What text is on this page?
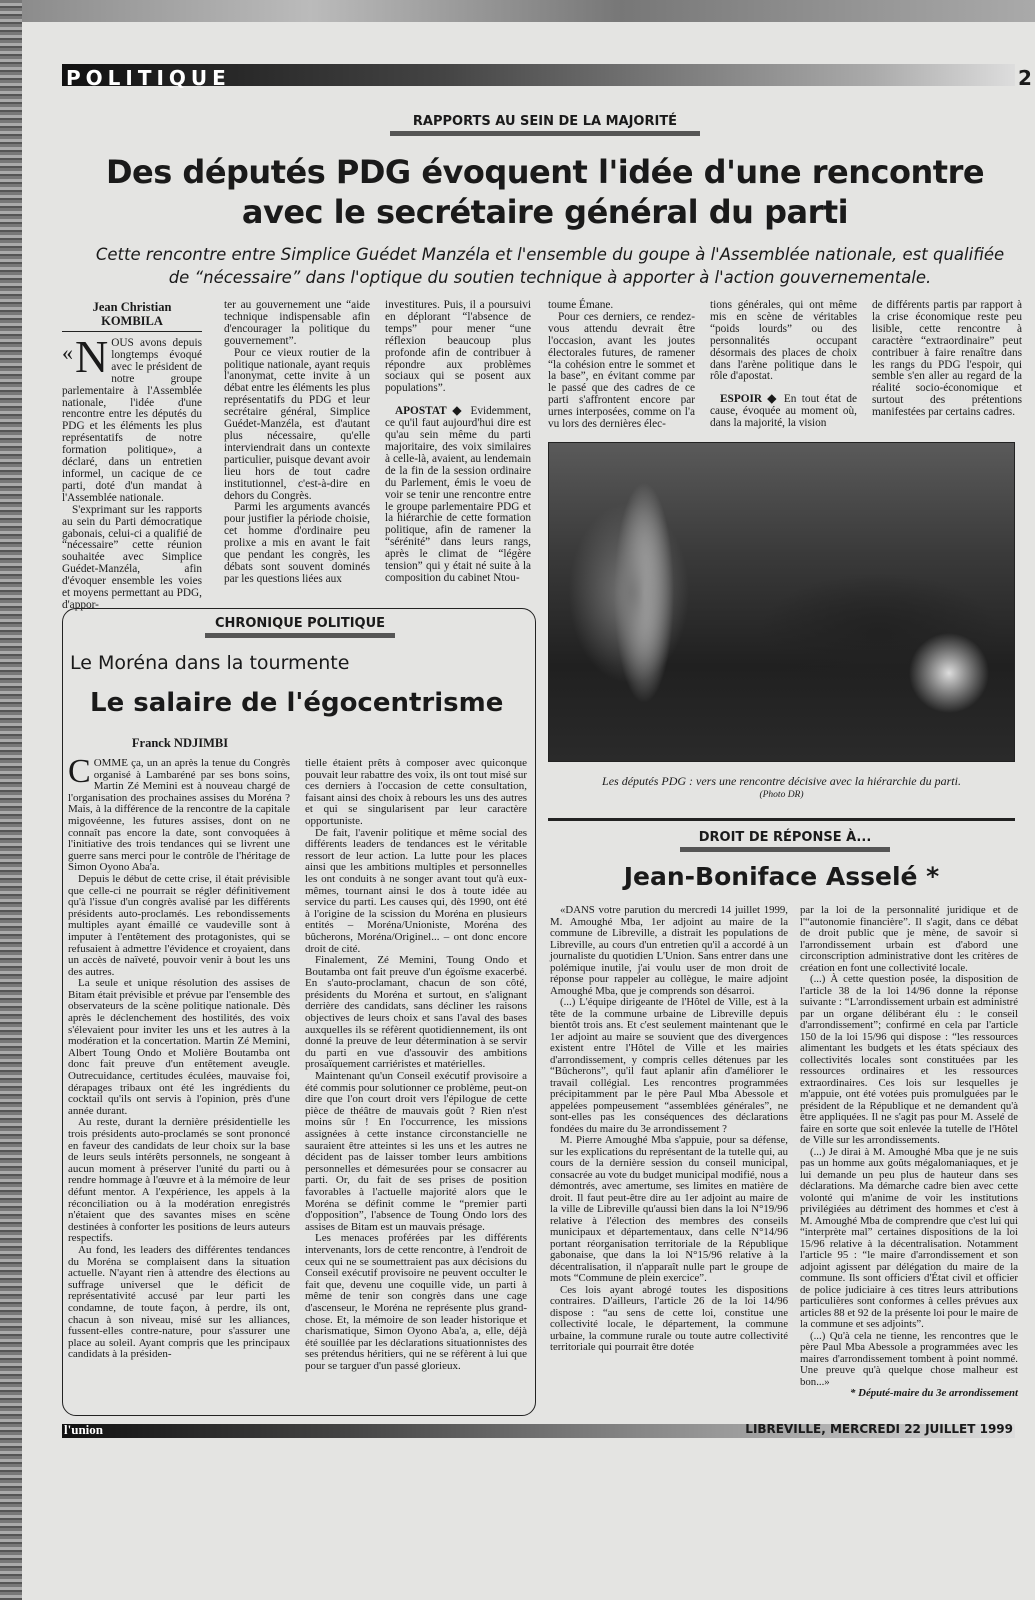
POLITIQUE	2
RAPPORTS AU SEIN DE LA MAJORITÉ
Des députés PDG évoquent l'idée d'une rencontre avec le secrétaire général du parti
Cette rencontre entre Simplice Guédet Manzéla et l'ensemble du goupe à l'Assemblée nationale, est qualifiée de “nécessaire” dans l'optique du soutien technique à apporter à l'action gouvernementale.
Jean Christian KOMBILA
« N OUS avons depuis longtemps évoqué avec le président de notre groupe parlementaire à l'Assemblée nationale, l'idée d'une rencontre entre les députés du PDG et les éléments les plus représentatifs de notre formation politique», a déclaré, dans un entretien informel, un cacique de ce parti, doté d'un mandat à l'Assemblée nationale.

S'exprimant sur les rapports au sein du Parti démocratique gabonais, celui-ci a qualifié de “nécessaire” cette réunion souhaitée avec Simplice Guédet-Manzéla, afin d'évoquer ensemble les voies et moyens permettant au PDG, d'appor-

ter au gouvernement une “aide technique indispensable afin d'encourager la politique du gouvernement”.

Pour ce vieux routier de la politique nationale, ayant requis l'anonymat, cette invite à un débat entre les éléments les plus représentatifs du PDG et leur secrétaire général, Simplice Guédet-Manzéla, est d'autant plus nécessaire, qu'elle interviendrait dans un contexte particulier, puisque devant avoir lieu hors de tout cadre institutionnel, c'est-à-dire en dehors du Congrès.

Parmi les arguments avancés pour justifier la période choisie, cet homme d'ordinaire peu prolixe a mis en avant le fait que pendant les congrès, les débats sont souvent dominés par les questions liées aux

investitures. Puis, il a poursuivi en déplorant “l'absence de temps” pour mener “une réflexion beaucoup plus profonde afin de contribuer à répondre aux problèmes sociaux qui se posent aux populations”.

APOSTAT ◆ Evidemment, ce qu'il faut aujourd'hui dire est qu'au sein même du parti majoritaire, des voix similaires à celle-là, avaient, au lendemain de la fin de la session ordinaire du Parlement, émis le voeu de voir se tenir une rencontre entre le groupe parlementaire PDG et la hiérarchie de cette formation politique, afin de ramener la “sérénité” dans leurs rangs, après le climat de “légère tension” qui y était né suite à la composition du cabinet Ntou-

toume Émane.

Pour ces derniers, ce rendez-vous attendu devrait être l'occasion, avant les joutes électorales futures, de ramener “la cohésion entre le sommet et la base”, en évitant comme par le passé que des cadres de ce parti s'affrontent encore par urnes interposées, comme on l'a vu lors des dernières élec-

tions générales, qui ont même mis en scène de véritables “poids lourds” ou des personnalités occupant désormais des places de choix dans l'arène politique dans le rôle d'apostat.

ESPOIR ◆ En tout état de cause, évoquée au moment où, dans la majorité, la vision

de différents partis par rapport à la crise économique reste peu lisible, cette rencontre à caractère “extraordinaire” peut contribuer à faire renaître dans les rangs du PDG l'espoir, qui semble s'en aller au regard de la réalité socio-économique et surtout des prétentions manifestées par certains cadres.

Les députés PDG : vers une rencontre décisive avec la hiérarchie du parti.
(Photo DR)
CHRONIQUE POLITIQUE
Le Moréna dans la tourmente
Le salaire de l'égocentrisme
Franck NDJIMBI
C OMME ça, un an après la tenue du Congrès organisé à Lambaréné par ses bons soins, Martin Zé Memini est à nouveau chargé de l'organisation des prochaines assises du Moréna ? Mais, à la différence de la rencontre de la capitale migovéenne, les futures assises, dont on ne connaît pas encore la date, sont convoquées à l'initiative des trois tendances qui se livrent une guerre sans merci pour le contrôle de l'héritage de Simon Oyono Aba'a.

Depuis le début de cette crise, il était prévisible que celle-ci ne pourrait se régler définitivement qu'à l'issue d'un congrès avalisé par les différents présidents auto-proclamés. Les rebondissements multiples ayant émaillé ce vaudeville sont à imputer à l'entêtement des protagonistes, qui se refusaient à admettre l'évidence et croyaient, dans un accès de naïveté, pouvoir venir à bout les uns des autres.

La seule et unique résolution des assises de Bitam était prévisible et prévue par l'ensemble des observateurs de la scène politique nationale. Dès après le déclenchement des hostilités, des voix s'élevaient pour inviter les uns et les autres à la modération et la concertation. Martin Zé Memini, Albert Toung Ondo et Molière Boutamba ont donc fait preuve d'un entêtement aveugle. Outrecuidance, certitudes éculées, mauvaise foi, dérapages tribaux ont été les ingrédients du cocktail qu'ils ont servis à l'opinion, près d'une année durant.

Au reste, durant la dernière présidentielle les trois présidents auto-proclamés se sont prononcé en faveur des candidats de leur choix sur la base de leurs seuls intérêts personnels, ne songeant à aucun moment à préserver l'unité du parti ou à rendre hommage à l'œuvre et à la mémoire de leur défunt mentor. A l'expérience, les appels à la réconciliation ou à la modération enregistrés n'étaient que des savantes mises en scène destinées à conforter les positions de leurs auteurs respectifs.

Au fond, les leaders des différentes tendances du Moréna se complaisent dans la situation actuelle. N'ayant rien à attendre des élections au suffrage universel que le déficit de représentativité accusé par leur parti les condamne, de toute façon, à perdre, ils ont, chacun à son niveau, misé sur les alliances, fussent-elles contre-nature, pour s'assurer une place au soleil. Ayant compris que les principaux candidats à la présiden-

tielle étaient prêts à composer avec quiconque pouvait leur rabattre des voix, ils ont tout misé sur ces derniers à l'occasion de cette consultation, faisant ainsi des choix à rebours les uns des autres et qui se singularisent par leur caractère opportuniste.

De fait, l'avenir politique et même social des différents leaders de tendances est le véritable ressort de leur action. La lutte pour les places ainsi que les ambitions multiples et personnelles les ont conduits à ne songer avant tout qu'à eux-mêmes, tournant ainsi le dos à toute idée au service du parti. Les causes qui, dès 1990, ont été à l'origine de la scission du Moréna en plusieurs entités – Moréna/Unioniste, Moréna des bûcherons, Moréna/Originel... – ont donc encore droit de cité.

Finalement, Zé Memini, Toung Ondo et Boutamba ont fait preuve d'un égoïsme exacerbé. En s'auto-proclamant, chacun de son côté, présidents du Moréna et surtout, en s'alignant derrière des candidats, sans décliner les raisons objectives de leurs choix et sans l'aval des bases auxquelles ils se réfèrent quotidiennement, ils ont donné la preuve de leur détermination à se servir du parti en vue d'assouvir des ambitions prosaïquement carriéristes et matérielles.

Maintenant qu'un Conseil exécutif provisoire a été commis pour solutionner ce problème, peut-on dire que l'on court droit vers l'épilogue de cette pièce de théâtre de mauvais goût ? Rien n'est moins sûr ! En l'occurrence, les missions assignées à cette instance circonstancielle ne sauraient être atteintes si les uns et les autres ne décident pas de laisser tomber leurs ambitions personnelles et démesurées pour se consacrer au parti. Or, du fait de ses prises de position favorables à l'actuelle majorité alors que le Moréna se définit comme le “premier parti d'opposition”, l'absence de Toung Ondo lors des assises de Bitam est un mauvais présage.

Les menaces proférées par les différents intervenants, lors de cette rencontre, à l'endroit de ceux qui ne se soumettraient pas aux décisions du Conseil exécutif provisoire ne peuvent occulter le fait que, devenu une coquille vide, un parti à même de tenir son congrès dans une cage d'ascenseur, le Moréna ne représente plus grand-chose. Et, la mémoire de son leader historique et charismatique, Simon Oyono Aba'a, a, elle, déjà été souillée par les déclarations situationnistes des ses prétendus héritiers, qui ne se réfèrent à lui que pour se targuer d'un passé glorieux.

DROIT DE RÉPONSE À...
Jean-Boniface Asselé *

«DANS votre parution du mercredi 14 juillet 1999, M. Amoughé Mba, 1er adjoint au maire de la commune de Libreville, a distrait les populations de Libreville, au cours d'un entretien qu'il a accordé à un journaliste du quotidien L'Union. Sans entrer dans une polémique inutile, j'ai voulu user de mon droit de réponse pour rappeler au collègue, le maire adjoint Amoughé Mba, que je comprends son désarroi.

(...) L'équipe dirigeante de l'Hôtel de Ville, est à la tête de la commune urbaine de Libreville depuis bientôt trois ans. Et c'est seulement maintenant que le 1er adjoint au maire se souvient que des divergences existent entre l'Hôtel de Ville et les mairies d'arrondissement, y compris celles détenues par les “Bûcherons”, qu'il faut aplanir afin d'améliorer le travail collégial. Les rencontres programmées précipitamment par le père Paul Mba Abessole et appelées pompeusement “assemblées générales”, ne sont-elles pas les conséquences des déclarations fondées du maire du 3e arrondissement ?

M. Pierre Amoughé Mba s'appuie, pour sa défense, sur les explications du représentant de la tutelle qui, au cours de la dernière session du conseil municipal, consacrée au vote du budget municipal modifié, nous a démontrés, avec amertume, ses limites en matière de droit. Il faut peut-être dire au 1er adjoint au maire de la ville de Libreville qu'aussi bien dans la loi N°19/96 relative à l'élection des membres des conseils municipaux et départementaux, dans celle N°14/96 portant réorganisation territoriale de la République gabonaise, que dans la loi N°15/96 relative à la décentralisation, il n'apparaît nulle part le groupe de mots “Commune de plein exercice”.

Ces lois ayant abrogé toutes les dispositions contraires. D'ailleurs, l'article 26 de la loi 14/96 dispose : “au sens de cette loi, constitue une collectivité locale, le département, la commune urbaine, la commune rurale ou toute autre collectivité territoriale qui pourrait être dotée

par la loi de la personnalité juridique et de l'“autonomie financière”. Il s'agit, dans ce débat de droit public que je mène, de savoir si l'arrondissement urbain est d'abord une circonscription administrative dont les critères de création en font une collectivité locale.

(...) À cette question posée, la disposition de l'article 38 de la loi 14/96 donne la réponse suivante : “L'arrondissement urbain est administré par un organe délibérant élu : le conseil d'arrondissement”; confirmé en cela par l'article 150 de la loi 15/96 qui dispose : “les ressources alimentant les budgets et les états spéciaux des collectivités locales sont constituées par les ressources ordinaires et les ressources extraordinaires. Ces lois sur lesquelles je m'appuie, ont été votées puis promulguées par le président de la République et ne demandent qu'à être appliquées. Il ne s'agit pas pour M. Asselé de faire en sorte que soit enlevée la tutelle de l'Hôtel de Ville sur les arrondissements.

(...) Je dirai à M. Amoughé Mba que je ne suis pas un homme aux goûts mégalomaniaques, et je lui demande un peu plus de hauteur dans ses déclarations. Ma démarche cadre bien avec cette volonté qui m'anime de voir les institutions privilégiées au détriment des hommes et c'est à M. Amoughé Mba de comprendre que c'est lui qui “interprète mal” certaines dispositions de la loi 15/96 relative à la décentralisation. Notamment l'article 95 : “le maire d'arrondissement et son adjoint agissent par délégation du maire de la commune. Ils sont officiers d'État civil et officier de police judiciaire à ces titres leurs attributions particulières sont conformes à celles prévues aux articles 88 et 92 de la présente loi pour le maire de la commune et ses adjoints”.

(...) Qu'à cela ne tienne, les rencontres que le père Paul Mba Abessole a programmées avec les maires d'arrondissement tombent à point nommé. Une preuve qu'à quelque chose malheur est bon...»

* Député-maire du 3e arrondissement

l'union	LIBREVILLE, MERCREDI 22 JUILLET 1999
